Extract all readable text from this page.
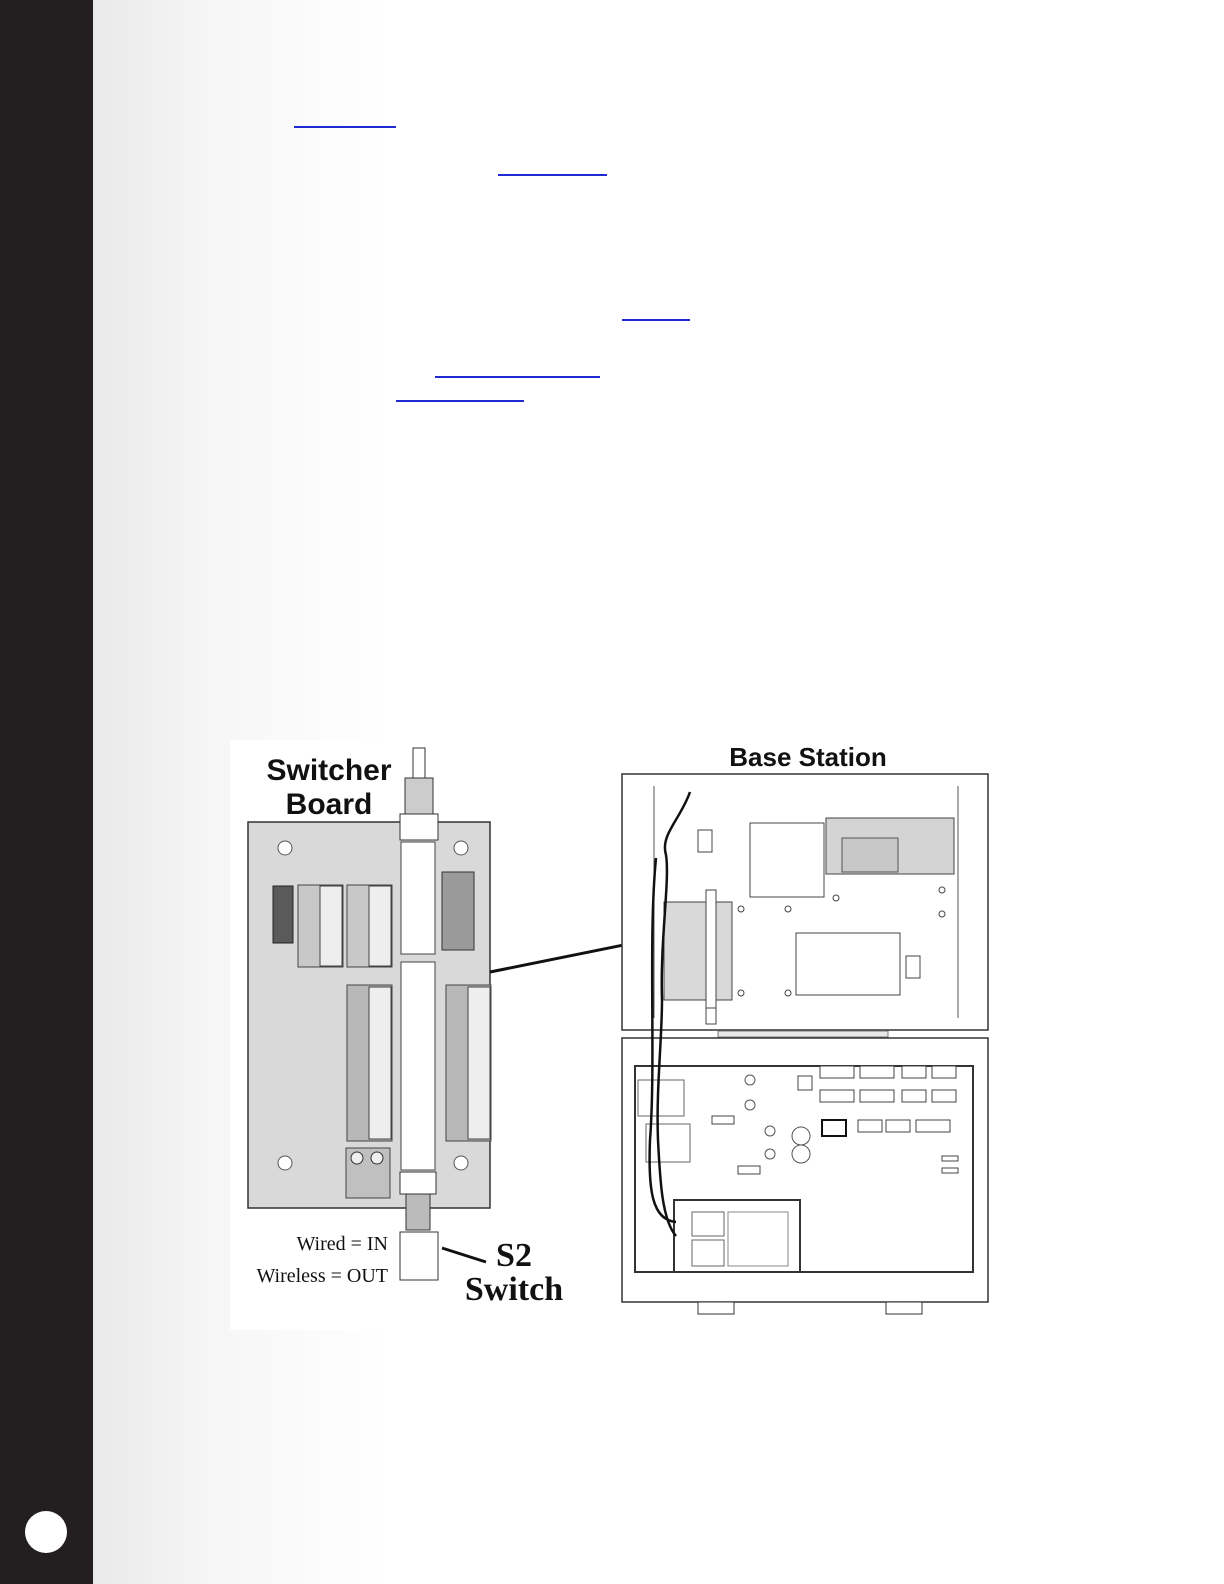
Switcher
Board
Wired = IN
Wireless = OUT
S2
Switch
Base Station
